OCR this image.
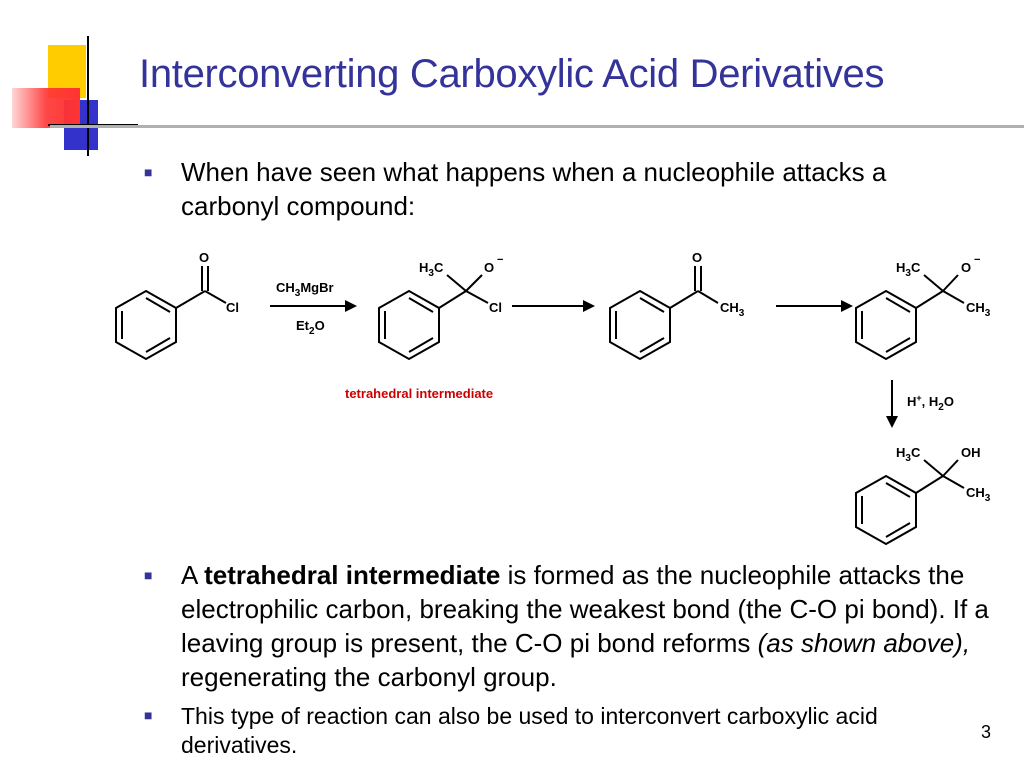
Interconverting Carboxylic Acid Derivatives
■ When have seen what happens when a nucleophile attacks a carbonyl compound:
O
Cl
$CH_3MgBr$
$Et_2O$
$H_3C$	O −
Cl
O
$CH_3$
$H_3C$	O −
$CH_3$
H+, $H_2O$
$H_3C$	OH
$CH_3$
tetrahedral intermediate
■ A tetrahedral intermediate is formed as the nucleophile attacks the electrophilic carbon, breaking the weakest bond (the C-O pi bond). If a leaving group is present, the C-O pi bond reforms (as shown above), regenerating the carbonyl group.
■ This type of reaction can also be used to interconvert carboxylic acid derivatives.	3
